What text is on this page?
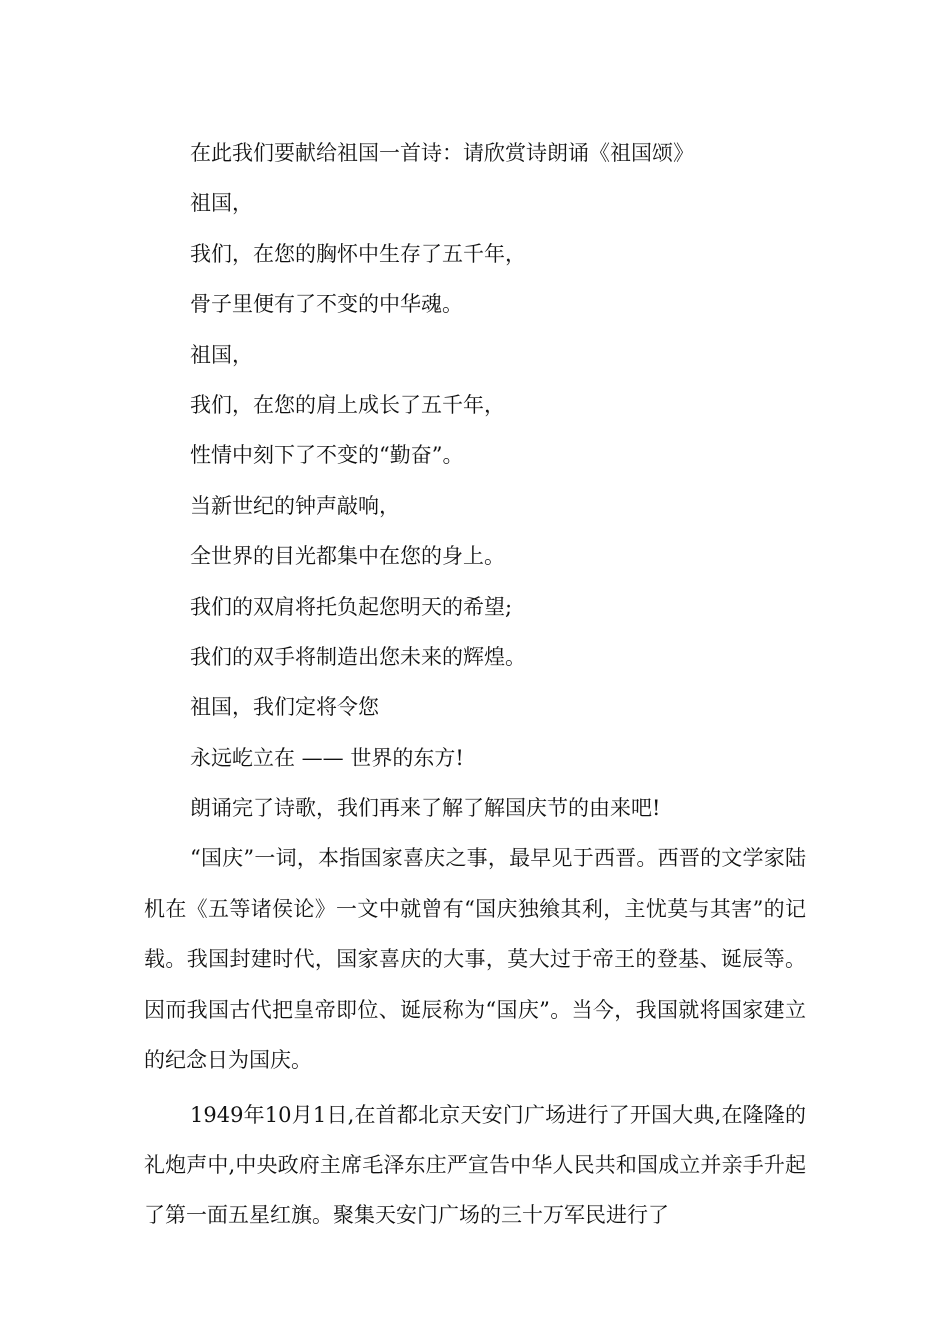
在此我们要献给祖国一首诗：请欣赏诗朗诵《祖国颂》

祖国，

我们，在您的胸怀中生存了五千年，

骨子里便有了不变的中华魂。

祖国，

我们，在您的肩上成长了五千年，

性情中刻下了不变的“勤奋”。

当新世纪的钟声敲响，

全世界的目光都集中在您的身上。

我们的双肩将托负起您明天的希望;

我们的双手将制造出您未来的辉煌。

祖国，我们定将令您

永远屹立在 —— 世界的东方!

朗诵完了诗歌，我们再来了解了解国庆节的由来吧!

“国庆”一词，本指国家喜庆之事，最早见于西晋。西晋的文学家陆机在《五等诸侯论》一文中就曾有“国庆独飨其利，主忧莫与其害”的记载。我国封建时代，国家喜庆的大事，莫大过于帝王的登基、诞辰等。因而我国古代把皇帝即位、诞辰称为“国庆”。当今，我国就将国家建立的纪念日为国庆。

1949年10月1日,在首都北京天安门广场进行了开国大典,在隆隆的礼炮声中,中央政府主席毛泽东庄严宣告中华人民共和国成立并亲手升起了第一面五星红旗。聚集天安门广场的三十万军民进行了
